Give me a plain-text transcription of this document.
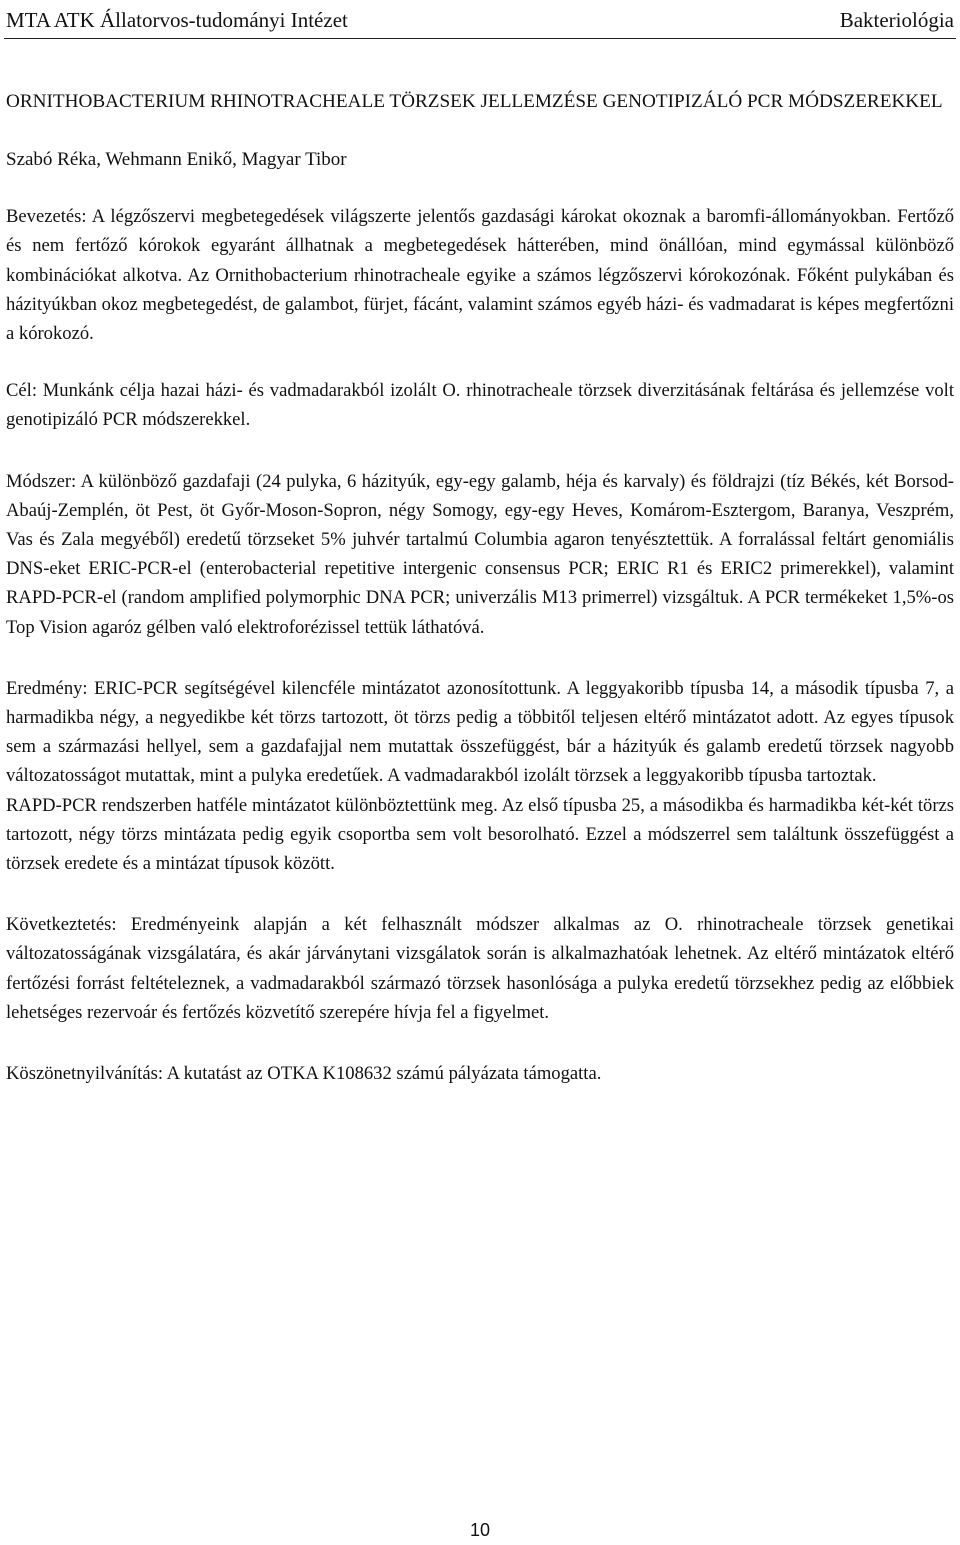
MTA ATK Állatorvos-tudományi Intézet	Bakteriológia

ORNITHOBACTERIUM RHINOTRACHEALE TÖRZSEK JELLEMZÉSE GENOTIPIZÁLÓ PCR MÓDSZEREKKEL

Szabó Réka, Wehmann Enikő, Magyar Tibor

Bevezetés: A légzőszervi megbetegedések világszerte jelentős gazdasági károkat okoznak a baromfi-állományokban. Fertőző és nem fertőző kórokok egyaránt állhatnak a megbetegedések hátterében, mind önállóan, mind egymással különböző kombinációkat alkotva. Az Ornithobacterium rhinotracheale egyike a számos légzőszervi kórokozónak. Főként pulykában és házityúkban okoz megbetegedést, de galambot, fürjet, fácánt, valamint számos egyéb házi- és vadmadarat is képes megfertőzni a kórokozó.

Cél: Munkánk célja hazai házi- és vadmadarakból izolált O. rhinotracheale törzsek diverzitásának feltárása és jellemzése volt genotipizáló PCR módszerekkel.

Módszer: A különböző gazdafaji (24 pulyka, 6 házityúk, egy-egy galamb, héja és karvaly) és földrajzi (tíz Békés, két Borsod-Abaúj-Zemplén, öt Pest, öt Győr-Moson-Sopron, négy Somogy, egy-egy Heves, Komárom-Esztergom, Baranya, Veszprém, Vas és Zala megyéből) eredetű törzseket 5% juhvér tartalmú Columbia agaron tenyésztettük. A forralással feltárt genomiális DNS-eket ERIC-PCR-el (enterobacterial repetitive intergenic consensus PCR; ERIC R1 és ERIC2 primerekkel), valamint RAPD-PCR-el (random amplified polymorphic DNA PCR; univerzális M13 primerrel) vizsgáltuk. A PCR termékeket 1,5%-os Top Vision agaróz gélben való elektroforézissel tettük láthatóvá.

Eredmény: ERIC-PCR segítségével kilencféle mintázatot azonosítottunk. A leggyakoribb típusba 14, a második típusba 7, a harmadikba négy, a negyedikbe két törzs tartozott, öt törzs pedig a többitől teljesen eltérő mintázatot adott. Az egyes típusok sem a származási hellyel, sem a gazdafajjal nem mutattak összefüggést, bár a házityúk és galamb eredetű törzsek nagyobb változatosságot mutattak, mint a pulyka eredetűek. A vadmadarakból izolált törzsek a leggyakoribb típusba tartoztak.

RAPD-PCR rendszerben hatféle mintázatot különböztettünk meg. Az első típusba 25, a másodikba és harmadikba két-két törzs tartozott, négy törzs mintázata pedig egyik csoportba sem volt besorolható. Ezzel a módszerrel sem találtunk összefüggést a törzsek eredete és a mintázat típusok között.

Következtetés: Eredményeink alapján a két felhasznált módszer alkalmas az O. rhinotracheale törzsek genetikai változatosságának vizsgálatára, és akár járványtani vizsgálatok során is alkalmazhatóak lehetnek. Az eltérő mintázatok eltérő fertőzési forrást feltételeznek, a vadmadarakból származó törzsek hasonlósága a pulyka eredetű törzsekhez pedig az előbbiek lehetséges rezervoár és fertőzés közvetítő szerepére hívja fel a figyelmet.

Köszönetnyilvánítás: A kutatást az OTKA K108632 számú pályázata támogatta.

10
